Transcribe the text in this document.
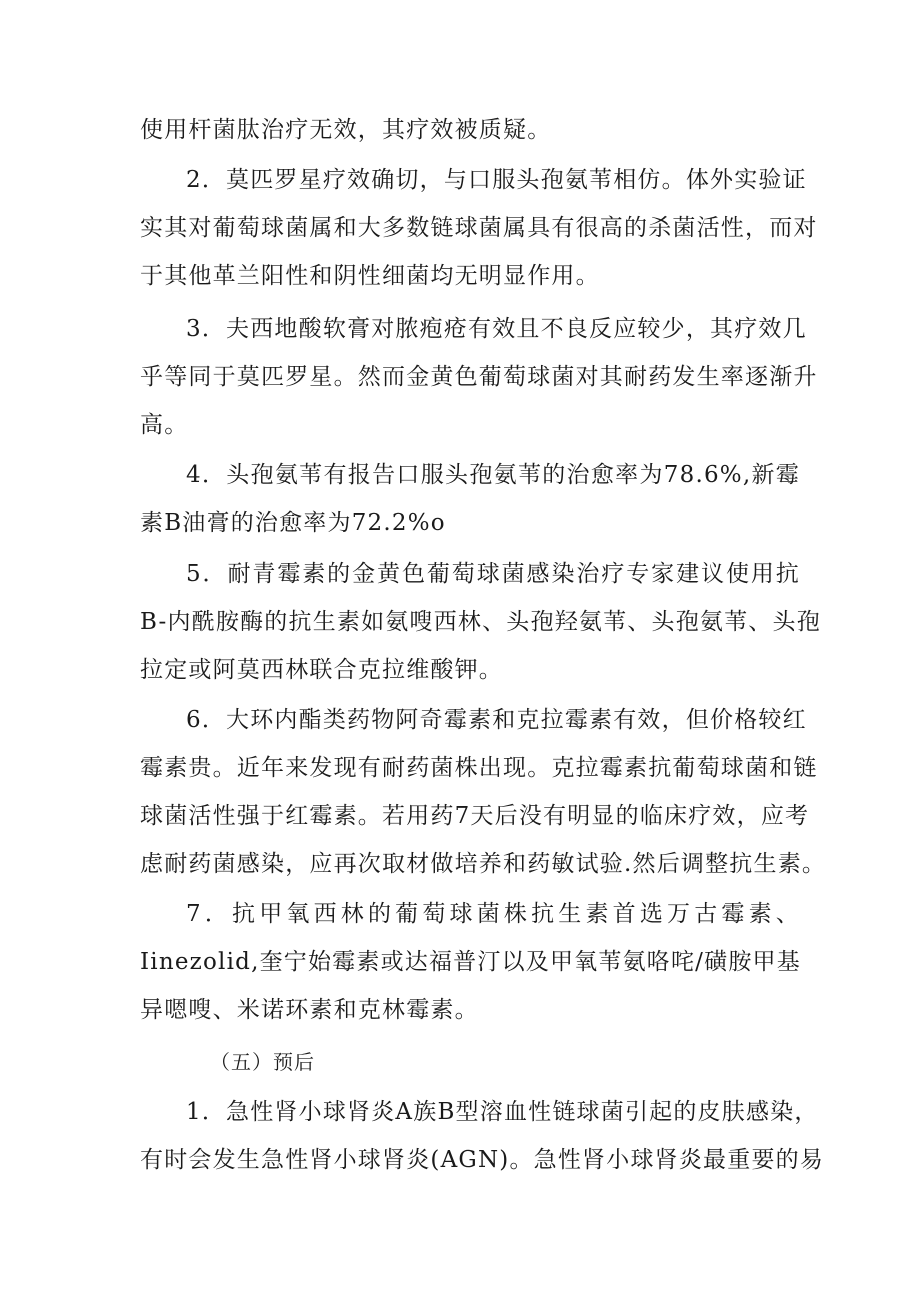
使用杆菌肽治疗无效，其疗效被质疑。
2．莫匹罗星疗效确切，与口服头孢氨苇相仿。体外实验证
实其对葡萄球菌属和大多数链球菌属具有很高的杀菌活性，而对
于其他革兰阳性和阴性细菌均无明显作用。
3．夫西地酸软膏对脓疱疮有效且不良反应较少，其疗效几
乎等同于莫匹罗星。然而金黄色葡萄球菌对其耐药发生率逐渐升
高。
4．头孢氨苇有报告口服头孢氨苇的治愈率为78.6%,新霉
素B油膏的治愈率为72.2%o
5．耐青霉素的金黄色葡萄球菌感染治疗专家建议使用抗
B-内酰胺酶的抗生素如氨嗖西林、头孢羟氨苇、头孢氨苇、头孢
拉定或阿莫西林联合克拉维酸钾。
6．大环内酯类药物阿奇霉素和克拉霉素有效，但价格较红
霉素贵。近年来发现有耐药菌株出现。克拉霉素抗葡萄球菌和链
球菌活性强于红霉素。若用药7天后没有明显的临床疗效，应考
虑耐药菌感染，应再次取材做培养和药敏试验.然后调整抗生素。
7．抗甲氧西林的葡萄球菌株抗生素首选万古霉素、
Iinezolid,奎宁始霉素或达福普汀以及甲氧苇氨咯咤/磺胺甲基
异嗯嗖、米诺环素和克林霉素。
（五）预后
1．急性肾小球肾炎A族B型溶血性链球菌引起的皮肤感染，
有时会发生急性肾小球肾炎(AGN)。急性肾小球肾炎最重要的易
